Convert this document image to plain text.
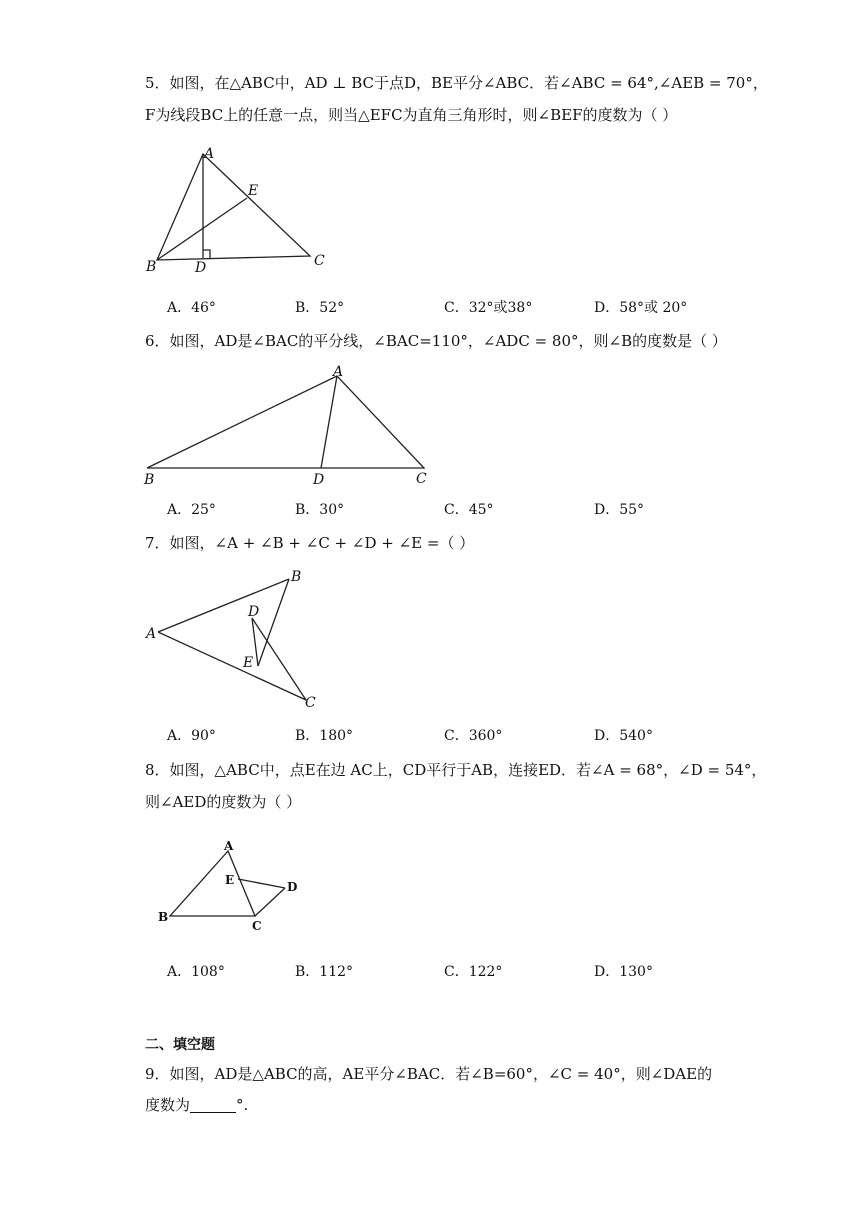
5．如图，在△ABC中，AD ⊥ BC于点D，BE平分∠ABC．若∠ABC = 64°,∠AEB = 70°，
F为线段BC上的任意一点，则当△EFC为直角三角形时，则∠BEF的度数为（ ）
A
B	C
D
E
A．46°	B．52°	C．32°或38°	D．58°或 20°
6．如图，AD是∠BAC的平分线，∠BAC=110°，∠ADC = 80°，则∠B的度数是（ ）
A
B	C
D
A．25°	B．30°	C．45°	D．55°
7．如图，∠A + ∠B + ∠C + ∠D + ∠E =（ ）
A
B
C
D
E
A．90°	B．180°	C．360°	D．540°
8．如图，△ABC中，点E在边 AC上，CD平行于AB，连接ED．若∠A = 68°，∠D = 54°，
则∠AED的度数为（ ）
A
B
C
D
E
A．108°	B．112°	C．122°	D．130°
二、填空题
9．如图，AD是△ABC的高，AE平分∠BAC．若∠B=60°，∠C = 40°，则∠DAE的
度数为	°.
